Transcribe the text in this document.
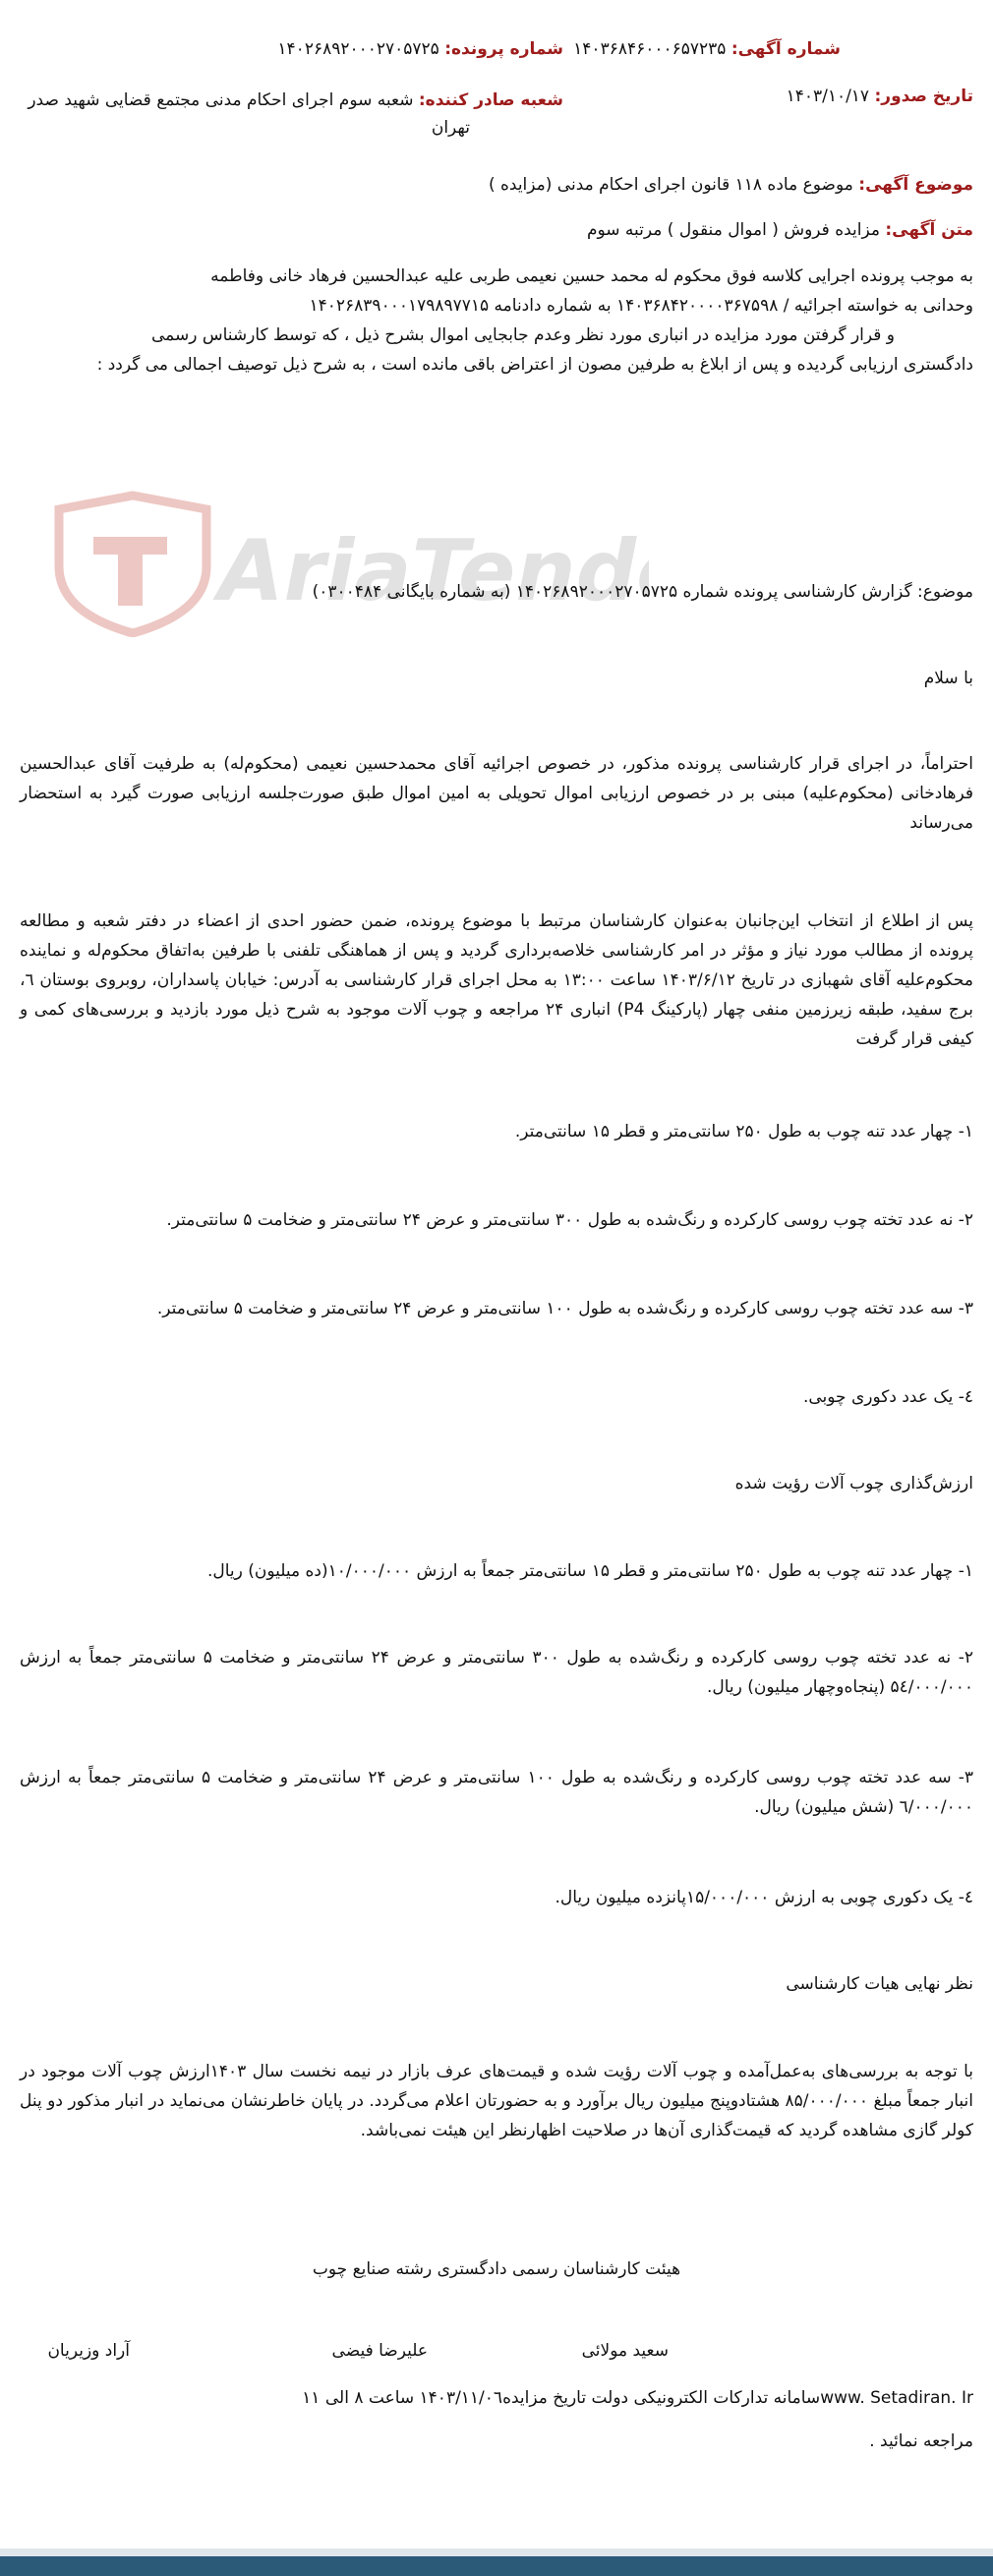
شماره آگهی: ۱۴۰۳۶۸۴۶۰۰۰۶۵۷۲۳۵
شماره پرونده: ۱۴۰۲۶۸۹۲۰۰۰۲۷۰۵۷۲۵
تاریخ صدور: ۱۴۰۳/۱۰/۱۷
شعبه صادر کننده: شعبه سوم اجرای احکام مدنی مجتمع قضایی شهید صدر
تهران
موضوع آگهی: موضوع ماده ۱۱۸ قانون اجرای احکام مدنی (مزایده )
متن آگهی: مزایده فروش ( اموال منقول ) مرتبه سوم
به موجب پرونده اجرایی کلاسه فوق محکوم له محمد حسین نعیمی طربی علیه عبدالحسین فرهاد خانی وفاطمه
وحدانی به خواسته اجرائیه / ۱۴۰۳۶۸۴۲۰۰۰۰۳۶۷۵۹۸ به شماره دادنامه ۱۴۰۲۶۸۳۹۰۰۰۱۷۹۸۹۷۷۱۵
و قرار گرفتن مورد مزایده در انباری مورد نظر وعدم جابجایی اموال بشرح ذیل ، که توسط کارشناس رسمی
دادگستری ارزیابی گردیده و پس از ابلاغ به طرفین مصون از اعتراض باقی مانده است ، به شرح ذیل توصیف اجمالی می گردد :
AriaTend
موضوع: گزارش کارشناسی پرونده شماره ۱۴۰۲۶۸۹۲۰۰۰۲۷۰۵۷۲۵ (به شماره بایگانی ۰۳۰۰۴۸۴)
با سلام
احتراماً، در اجرای قرار کارشناسی پرونده مذکور، در خصوص اجرائیه آقای محمدحسین نعیمی (محکوم‌له) به طرفیت آقای عبدالحسین فرهادخانی (محکوم‌علیه) مبنی بر در خصوص ارزیابی اموال تحویلی به امین اموال طبق صورت‌جلسه ارزیابی صورت گیرد به استحضار می‌رساند
پس از اطلاع از انتخاب این‌جانبان به‌عنوان کارشناسان مرتبط با موضوع پرونده، ضمن حضور احدی از اعضاء در دفتر شعبه و مطالعه پرونده از مطالب مورد نیاز و مؤثر در امر کارشناسی خلاصه‌برداری گردید و پس از هماهنگی تلفنی با طرفین به‌اتفاق محکوم‌له و نماینده محکوم‌علیه آقای شهبازی در تاریخ ۱۴۰۳/۶/۱۲ ساعت ۱۳:۰۰ به محل اجرای قرار کارشناسی به آدرس: خیابان پاسداران، روبروی بوستان ٦، برج سفید، طبقه زیرزمین منفی چهار (پارکینگ P4) انباری ۲۴ مراجعه و چوب آلات موجود به شرح ذیل مورد بازدید و بررسی‌های کمی و کیفی قرار گرفت
۱- چهار عدد تنه چوب به طول ۲۵۰ سانتی‌متر و قطر ۱۵ سانتی‌متر.
۲- نه عدد تخته چوب روسی کارکرده و رنگ‌شده به طول ۳۰۰ سانتی‌متر و عرض ۲۴ سانتی‌متر و ضخامت ۵ سانتی‌متر.
۳- سه عدد تخته چوب روسی کارکرده و رنگ‌شده به طول ۱۰۰ سانتی‌متر و عرض ۲۴ سانتی‌متر و ضخامت ۵ سانتی‌متر.
٤- یک عدد دکوری چوبی.
ارزش‌گذاری چوب آلات رؤیت شده
۱- چهار عدد تنه چوب به طول ۲۵۰ سانتی‌متر و قطر ۱۵ سانتی‌متر جمعاً به ارزش ۱۰/۰۰۰/۰۰۰(ده میلیون) ریال.
۲- نه عدد تخته چوب روسی کارکرده و رنگ‌شده به طول ۳۰۰ سانتی‌متر و عرض ۲۴ سانتی‌متر و ضخامت ۵ سانتی‌متر جمعاً به ارزش ۵٤/۰۰۰/۰۰۰ (پنجاه‌وچهار میلیون) ریال.
۳- سه عدد تخته چوب روسی کارکرده و رنگ‌شده به طول ۱۰۰ سانتی‌متر و عرض ۲۴ سانتی‌متر و ضخامت ۵ سانتی‌متر جمعاً به ارزش ٦/۰۰۰/۰۰۰ (شش میلیون) ریال.
٤- یک دکوری چوبی به ارزش ۱۵/۰۰۰/۰۰۰پانزده میلیون ریال.
نظر نهایی هیات کارشناسی
با توجه به بررسی‌های به‌عمل‌آمده و چوب آلات رؤیت شده و قیمت‌های عرف بازار در نیمه نخست سال ۱۴۰۳ارزش چوب آلات موجود در انبار جمعاً مبلغ ۸۵/۰۰۰/۰۰۰ هشتادوپنج میلیون ریال برآورد و به حضورتان اعلام می‌گردد. در پایان خاطرنشان می‌نماید در انبار مذکور دو پنل کولر گازی مشاهده گردید که قیمت‌گذاری آن‌ها در صلاحیت اظهارنظر این هیئت نمی‌باشد.
هیئت کارشناسان رسمی دادگستری رشته صنایع چوب
سعید مولائی
علیرضا فیضی
آراد وزیریان
www. Setadiran. Irسامانه تدارکات الکترونیکی دولت تاریخ مزایده۱۴۰۳/۱۱/۰٦ ساعت ۸ الی ۱۱
مراجعه نمائید .
